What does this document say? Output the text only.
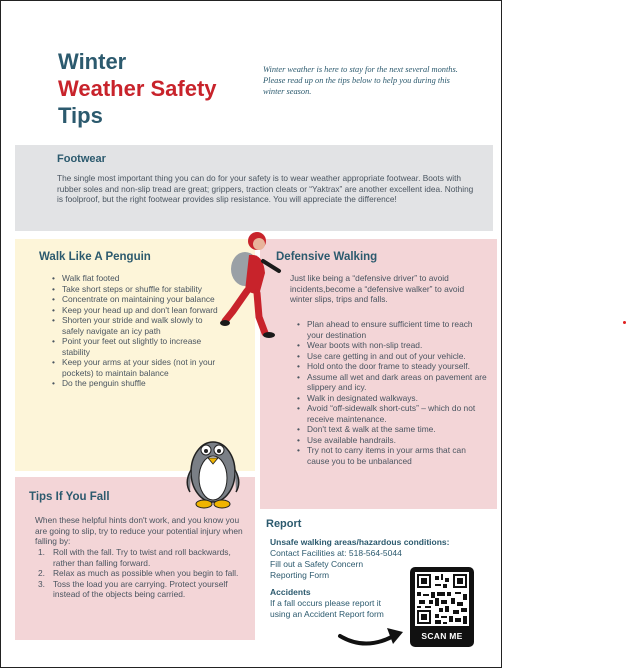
Winter
Weather Safety
Tips
Winter weather is here to stay for the next several months. Please read up on the tips below to help you during this winter season.
Footwear

The single most important thing you can do for your safety is to wear weather appropriate footwear. Boots with rubber soles and non-slip tread are great; grippers, traction cleats or “Yaktrax” are another excellent idea. Nothing is foolproof, but the right footwear provides slip resistance. You will appreciate the difference!

Walk Like A Penguin
• Walk flat footed
• Take short steps or shuffle for stability
• Concentrate on maintaining your balance
• Keep your head up and don't lean forward
• Shorten your stride and walk slowly to safely navigate an icy path
• Point your feet out slightly to increase stability
• Keep your arms at your sides (not in your pockets) to maintain balance
• Do the penguin shuffle
Defensive Walking

Just like being a “defensive driver” to avoid incidents,become a “defensive walker” to avoid winter slips, trips and falls.

• Plan ahead to ensure sufficient time to reach your destination
• Wear boots with non-slip tread.
• Use care getting in and out of your vehicle.
• Hold onto the door frame to steady yourself.
• Assume all wet and dark areas on pavement are slippery and icy.
• Walk in designated walkways.
• Avoid “off-sidewalk short-cuts” – which do not receive maintenance.
• Don't text & walk at the same time.
• Use available handrails.
• Try not to carry items in your arms that can cause you to be unbalanced
Tips If You Fall

When these helpful hints don't work, and you know you are going to slip, try to reduce your potential injury when falling by:

1. Roll with the fall. Try to twist and roll backwards, rather than falling forward.
2. Relax as much as possible when you begin to fall.
3. Toss the load you are carrying. Protect yourself instead of the objects being carried.
Report
Unsafe walking areas/hazardous conditions:
Contact Facilities at: 518-564-5044
Fill out a Safety Concern
Reporting Form
Accidents
If a fall occurs please report it
using an Accident Report form
SCAN ME
